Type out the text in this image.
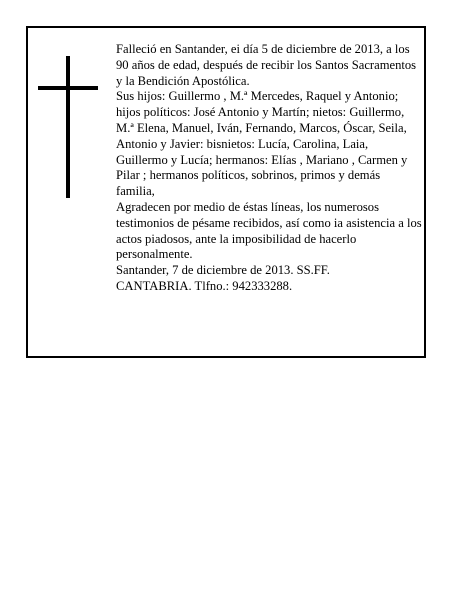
Falleció en Santander, ei día 5 de diciembre de 2013, a los 90 años de edad, después de recibir los Santos Sacramentos y la Bendición Apostólica.

Sus hijos: Guillermo , M.ª Mercedes, Raquel y Antonio; hijos políticos: José Antonio y Martín; nietos: Guillermo, M.ª Elena, Manuel, Iván, Fernando, Marcos, Óscar, Seila, Antonio y Javier: bisnietos: Lucía, Carolina, Laia, Guillermo y Lucía; hermanos: Elías , Mariano , Carmen y Pilar ; hermanos políticos, sobrinos, primos y demás familia,

Agradecen por medio de éstas líneas, los numerosos testimonios de pésame recibidos, así como ia asistencia a los actos piadosos, ante la imposibilidad de hacerlo personalmente.

Santander, 7 de diciembre de 2013. SS.FF.

CANTABRIA. Tlfno.: 942333288.
